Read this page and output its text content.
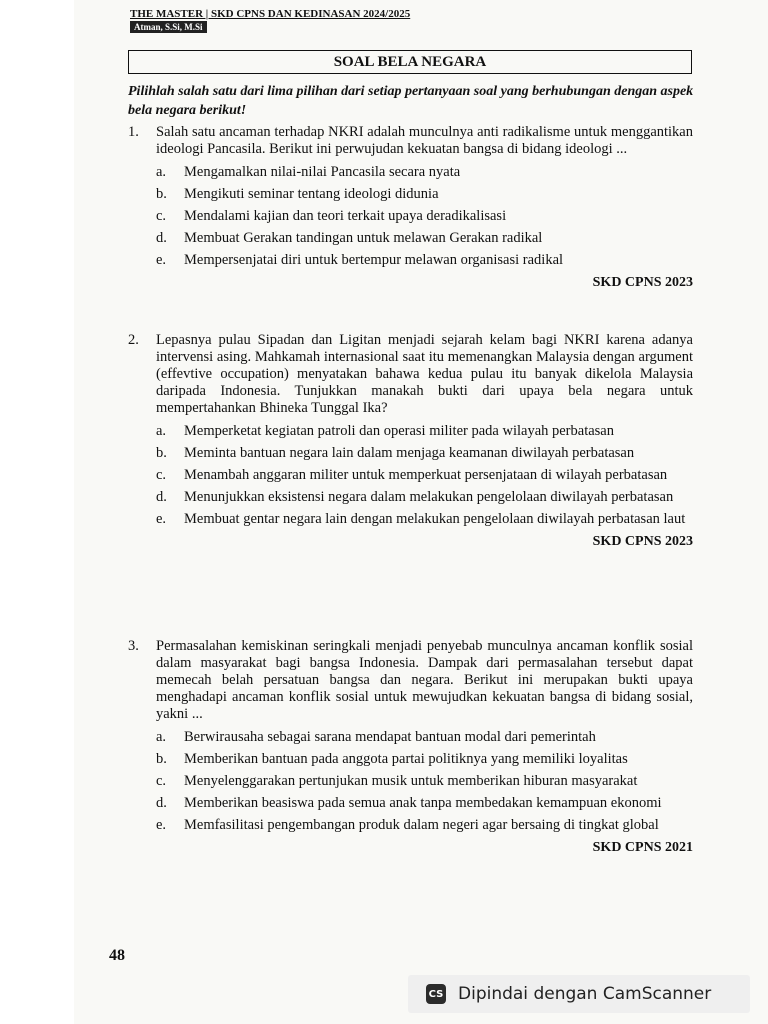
THE MASTER | SKD CPNS DAN KEDINASAN 2024/2025
Atman, S.Si, M.Si
SOAL BELA NEGARA
Pilihlah salah satu dari lima pilihan dari setiap pertanyaan soal yang berhubungan dengan aspek bela negara berikut!
1.	Salah satu ancaman terhadap NKRI adalah munculnya anti radikalisme untuk menggantikan ideologi Pancasila. Berikut ini perwujudan kekuatan bangsa di bidang ideologi ...
a.	Mengamalkan nilai-nilai Pancasila secara nyata
b.	Mengikuti seminar tentang ideologi didunia
c.	Mendalami kajian dan teori terkait upaya deradikalisasi
d.	Membuat Gerakan tandingan untuk melawan Gerakan radikal
e.	Mempersenjatai diri untuk bertempur melawan organisasi radikal
SKD CPNS 2023
2.	Lepasnya pulau Sipadan dan Ligitan menjadi sejarah kelam bagi NKRI karena adanya intervensi asing. Mahkamah internasional saat itu memenangkan Malaysia dengan argument (effevtive occupation) menyatakan bahawa kedua pulau itu banyak dikelola Malaysia daripada Indonesia. Tunjukkan manakah bukti dari upaya bela negara untuk mempertahankan Bhineka Tunggal Ika?
a.	Memperketat kegiatan patroli dan operasi militer pada wilayah perbatasan
b.	Meminta bantuan negara lain dalam menjaga keamanan diwilayah perbatasan
c.	Menambah anggaran militer untuk memperkuat persenjataan di wilayah perbatasan
d.	Menunjukkan eksistensi negara dalam melakukan pengelolaan diwilayah perbatasan
e.	Membuat gentar negara lain dengan melakukan pengelolaan diwilayah perbatasan laut
SKD CPNS 2023
3.	Permasalahan kemiskinan seringkali menjadi penyebab munculnya ancaman konflik sosial dalam masyarakat bagi bangsa Indonesia. Dampak dari permasalahan tersebut dapat memecah belah persatuan bangsa dan negara. Berikut ini merupakan bukti upaya menghadapi ancaman konflik sosial untuk mewujudkan kekuatan bangsa di bidang sosial, yakni ...
a.	Berwirausaha sebagai sarana mendapat bantuan modal dari pemerintah
b.	Memberikan bantuan pada anggota partai politiknya yang memiliki loyalitas
c.	Menyelenggarakan pertunjukan musik untuk memberikan hiburan masyarakat
d.	Memberikan beasiswa pada semua anak tanpa membedakan kemampuan ekonomi
e.	Memfasilitasi pengembangan produk dalam negeri agar bersaing di tingkat global
SKD CPNS 2021
48
CS Dipindai dengan CamScanner
